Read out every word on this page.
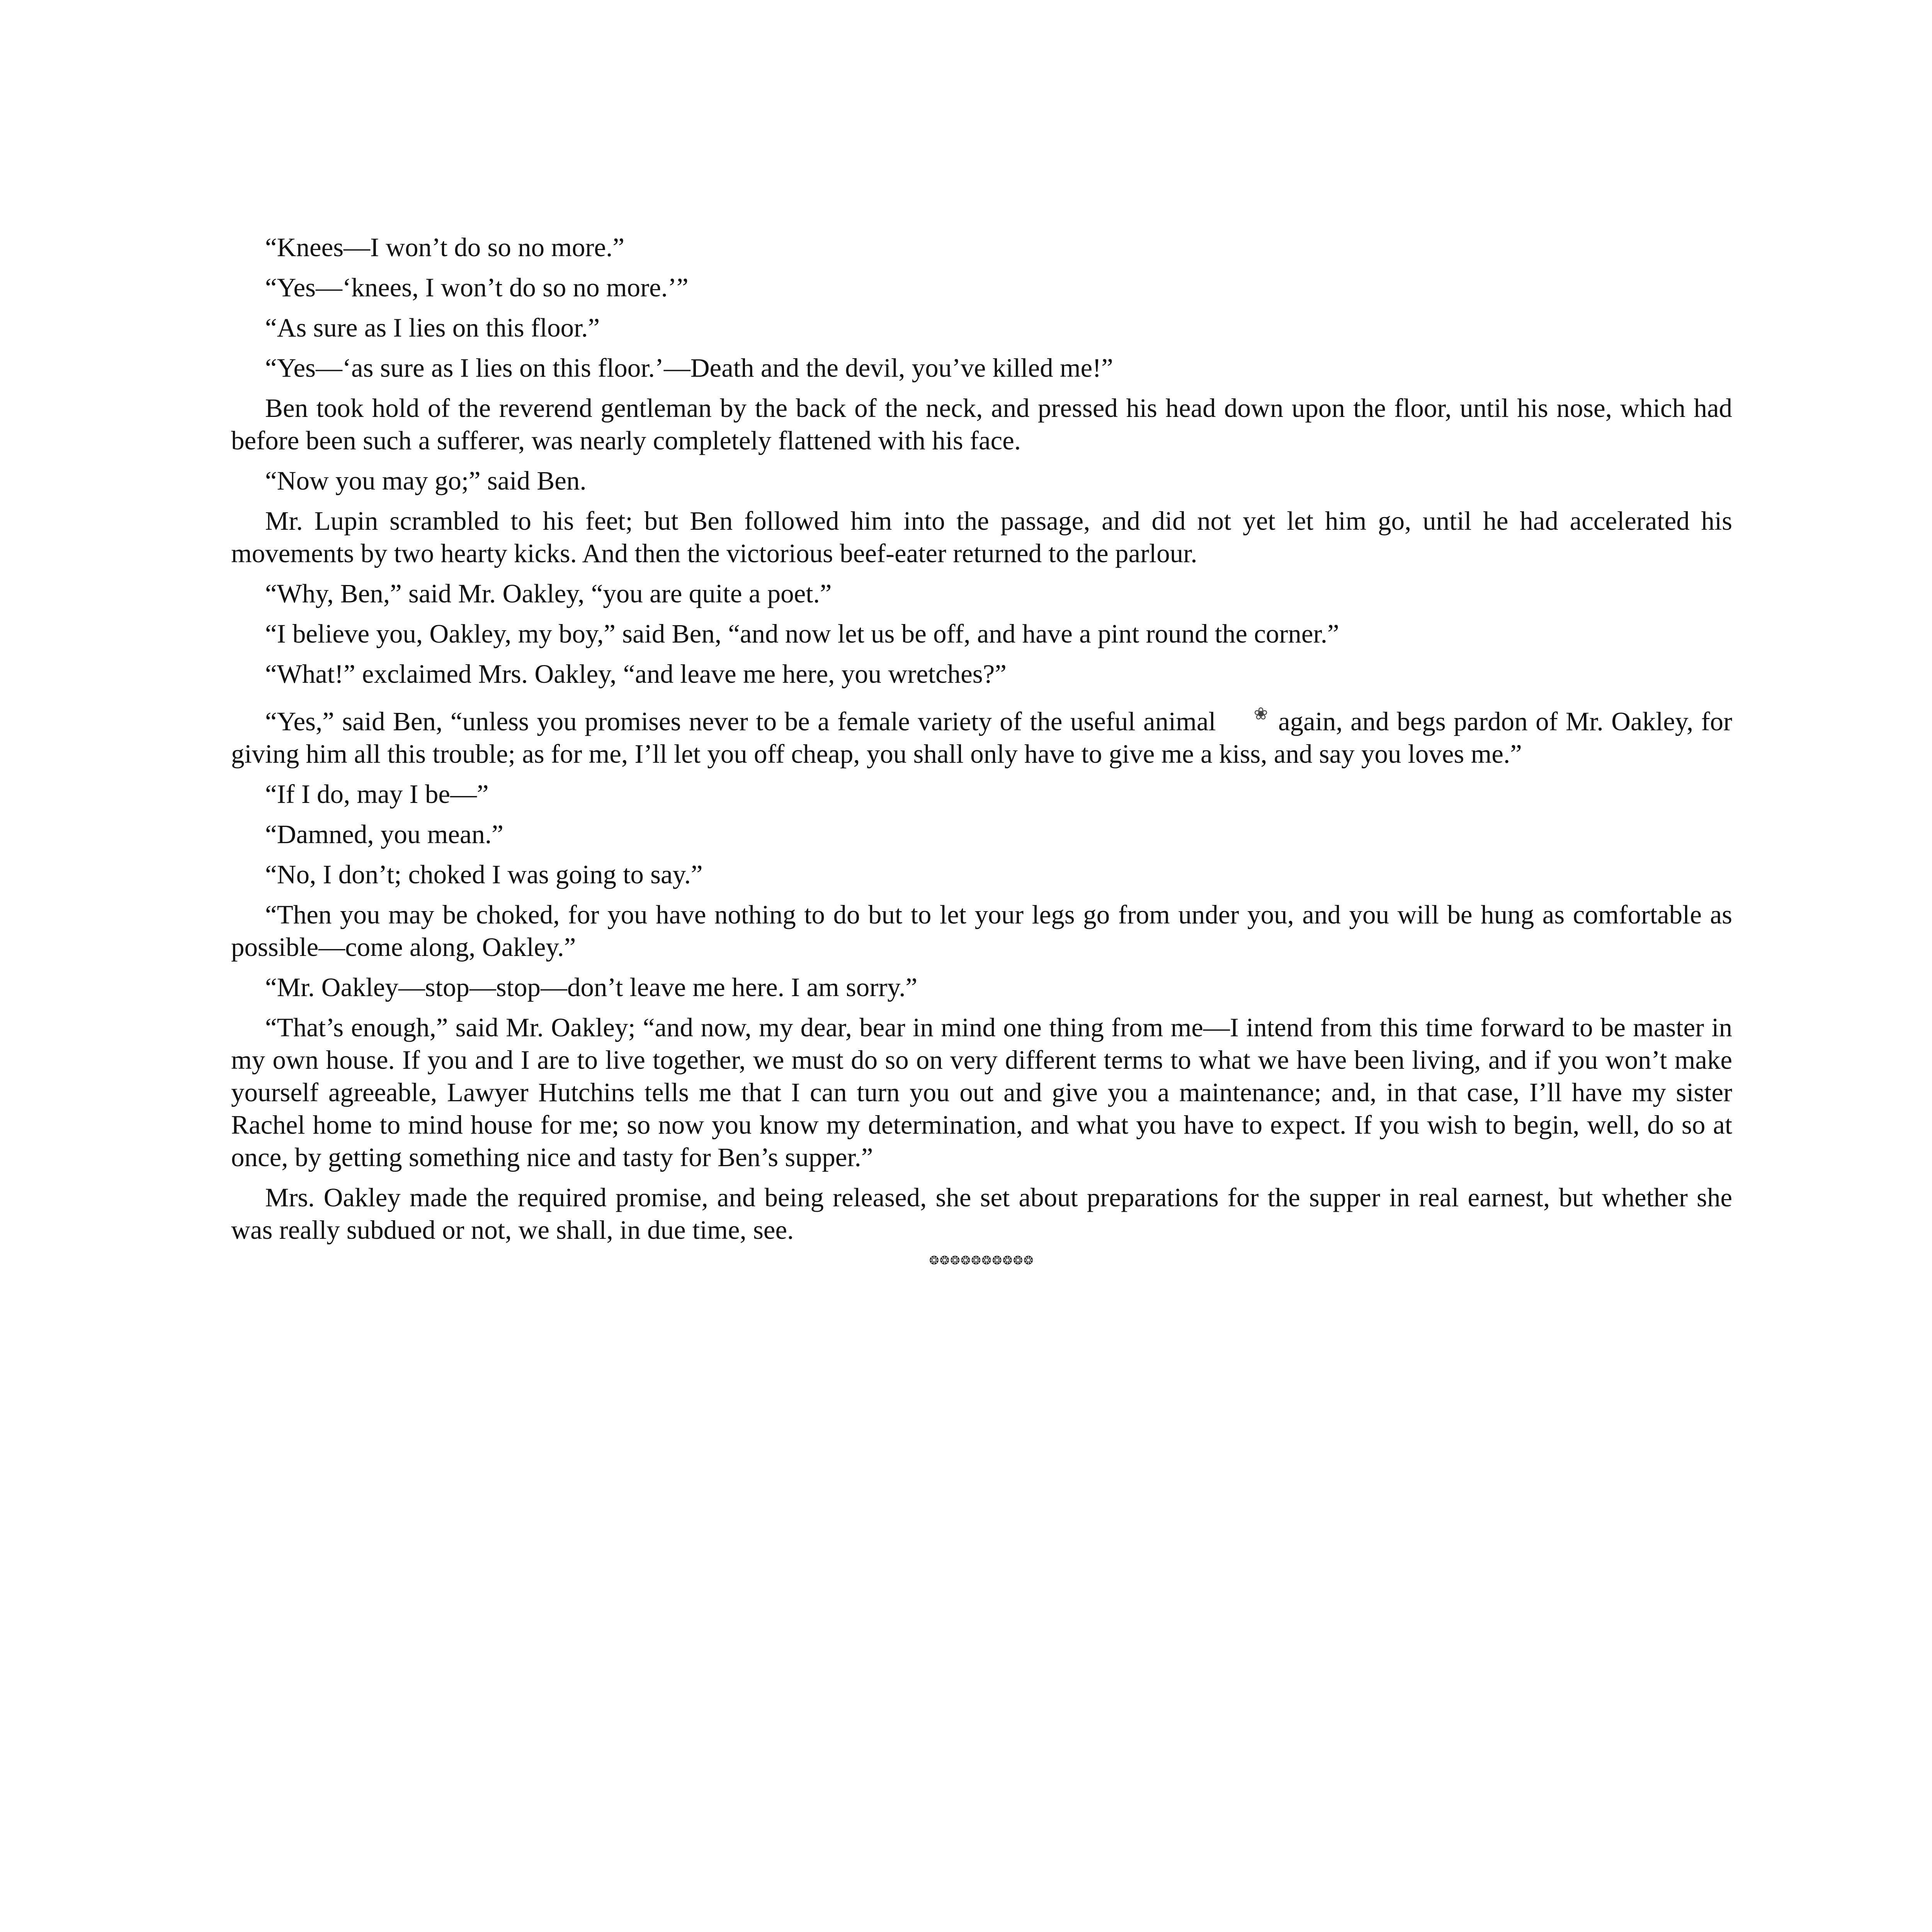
“Knees—I won’t do so no more.”

“Yes—‘knees, I won’t do so no more.’”

“As sure as I lies on this floor.”

“Yes—‘as sure as I lies on this floor.’—Death and the devil, you’ve killed me!”

Ben took hold of the reverend gentleman by the back of the neck, and pressed his head down upon the floor, until his nose, which had before been such a sufferer, was nearly completely flattened with his face.

“Now you may go;” said Ben.

Mr. Lupin scrambled to his feet; but Ben followed him into the passage, and did not yet let him go, until he had accelerated his movements by two hearty kicks. And then the victorious beef-eater returned to the parlour.

“Why, Ben,” said Mr. Oakley, “you are quite a poet.”

“I believe you, Oakley, my boy,” said Ben, “and now let us be off, and have a pint round the corner.”

“What!” exclaimed Mrs. Oakley, “and leave me here, you wretches?”

“Yes,” said Ben, “unless you promises never to be a female variety of the useful animal ❀ again, and begs pardon of Mr. Oakley, for giving him all this trouble; as for me, I’ll let you off cheap, you shall only have to give me a kiss, and say you loves me.”

“If I do, may I be—”

“Damned, you mean.”

“No, I don’t; choked I was going to say.”

“Then you may be choked, for you have nothing to do but to let your legs go from under you, and you will be hung as comfortable as possible—come along, Oakley.”

“Mr. Oakley—stop—stop—don’t leave me here. I am sorry.”

“That’s enough,” said Mr. Oakley; “and now, my dear, bear in mind one thing from me—I intend from this time forward to be master in my own house. If you and I are to live together, we must do so on very different terms to what we have been living, and if you won’t make yourself agreeable, Lawyer Hutchins tells me that I can turn you out and give you a maintenance; and, in that case, I’ll have my sister Rachel home to mind house for me; so now you know my determination, and what you have to expect. If you wish to begin, well, do so at once, by getting something nice and tasty for Ben’s supper.”

Mrs. Oakley made the required promise, and being released, she set about preparations for the supper in real earnest, but whether she was really subdued or not, we shall, in due time, see.

❂❂❂❂❂❂❂❂❂❂
